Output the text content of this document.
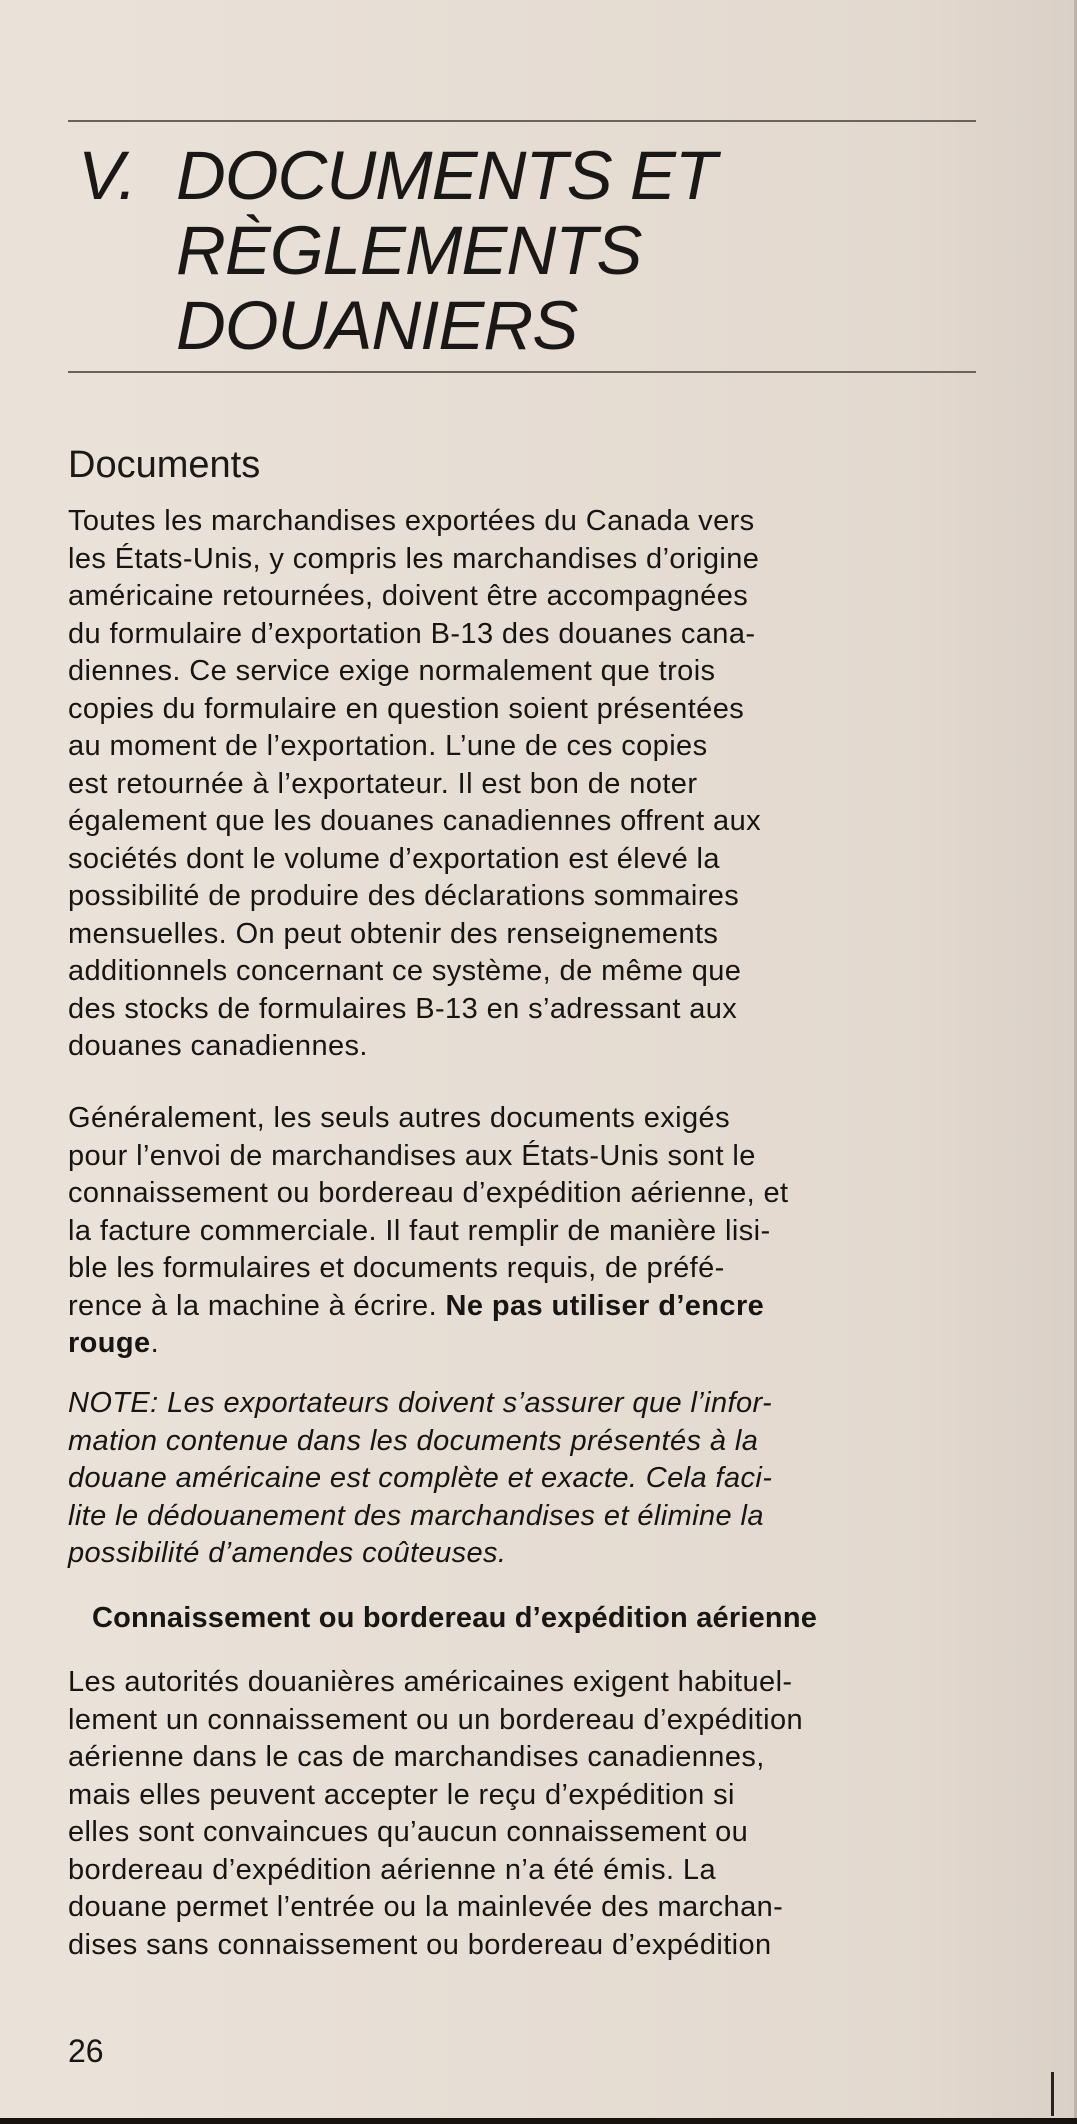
V. DOCUMENTS ET
RÈGLEMENTS
DOUANIERS
Documents

Toutes les marchandises exportées du Canada vers
les États-Unis, y compris les marchandises d’origine
américaine retournées, doivent être accompagnées
du formulaire d’exportation B-13 des douanes cana-
diennes. Ce service exige normalement que trois
copies du formulaire en question soient présentées
au moment de l’exportation. L’une de ces copies
est retournée à l’exportateur. Il est bon de noter
également que les douanes canadiennes offrent aux
sociétés dont le volume d’exportation est élevé la
possibilité de produire des déclarations sommaires
mensuelles. On peut obtenir des renseignements
additionnels concernant ce système, de même que
des stocks de formulaires B-13 en s’adressant aux
douanes canadiennes.

Généralement, les seuls autres documents exigés
pour l’envoi de marchandises aux États-Unis sont le
connaissement ou bordereau d’expédition aérienne, et
la facture commerciale. Il faut remplir de manière lisi-
ble les formulaires et documents requis, de préfé-
rence à la machine à écrire. Ne pas utiliser d’encre
rouge.

NOTE: Les exportateurs doivent s’assurer que l’infor-
mation contenue dans les documents présentés à la
douane américaine est complète et exacte. Cela faci-
lite le dédouanement des marchandises et élimine la
possibilité d’amendes coûteuses.

Connaissement ou bordereau d’expédition aérienne

Les autorités douanières américaines exigent habituel-
lement un connaissement ou un bordereau d’expédition
aérienne dans le cas de marchandises canadiennes,
mais elles peuvent accepter le reçu d’expédition si
elles sont convaincues qu’aucun connaissement ou
bordereau d’expédition aérienne n’a été émis. La
douane permet l’entrée ou la mainlevée des marchan-
dises sans connaissement ou bordereau d’expédition

26
